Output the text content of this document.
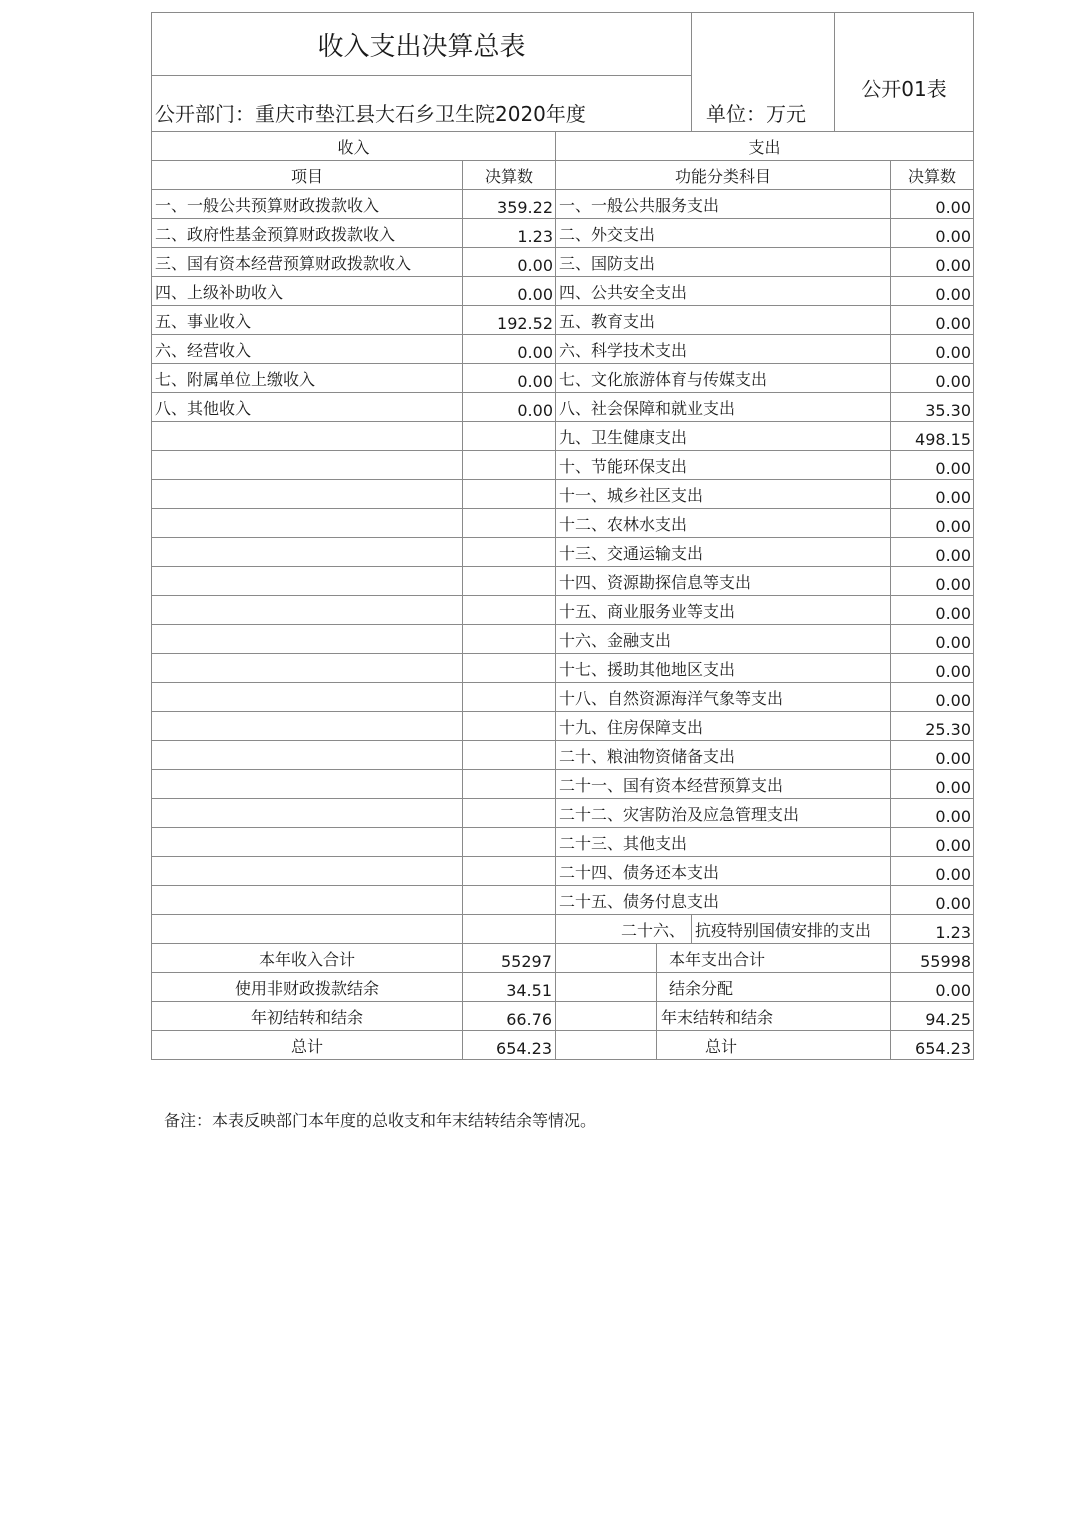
收入支出决算总表				单位：万元	公开01表	
公开部门：重庆市垫江县大石乡卫生院2020年度						
收入		支出				
项目	决算数	功能分类科目				决算数
一、一般公共预算财政拨款收入	359.22	一、一般公共服务支出				0.00
二、政府性基金预算财政拨款收入	1.23	二、外交支出				0.00
三、国有资本经营预算财政拨款收入	0.00	三、国防支出				0.00
四、上级补助收入	0.00	四、公共安全支出				0.00
五、事业收入	192.52	五、教育支出				0.00
六、经营收入	0.00	六、科学技术支出				0.00
七、附属单位上缴收入	0.00	七、文化旅游体育与传媒支出				0.00
八、其他收入	0.00	八、社会保障和就业支出				35.30
		九、卫生健康支出				498.15
		十、节能环保支出				0.00
		十一、城乡社区支出				0.00
		十二、农林水支出				0.00
		十三、交通运输支出				0.00
		十四、资源勘探信息等支出				0.00
		十五、商业服务业等支出				0.00
		十六、金融支出				0.00
		十七、援助其他地区支出				0.00
		十八、自然资源海洋气象等支出				0.00
		十九、住房保障支出				25.30
		二十、粮油物资储备支出				0.00
		二十一、国有资本经营预算支出				0.00
		二十二、灾害防治及应急管理支出				0.00
		二十三、其他支出				0.00
		二十四、债务还本支出				0.00
		二十五、债务付息支出				0.00
		二十六、		抗疫特别国债安排的支出		1.23
本年收入合计	55297		本年支出合计			55998
使用非财政拨款结余	34.51		结余分配			0.00
年初结转和结余	66.76		年末结转和结余			94.25
总计	654.23		总计			654.23
备注：本表反映部门本年度的总收支和年末结转结余等情况。
